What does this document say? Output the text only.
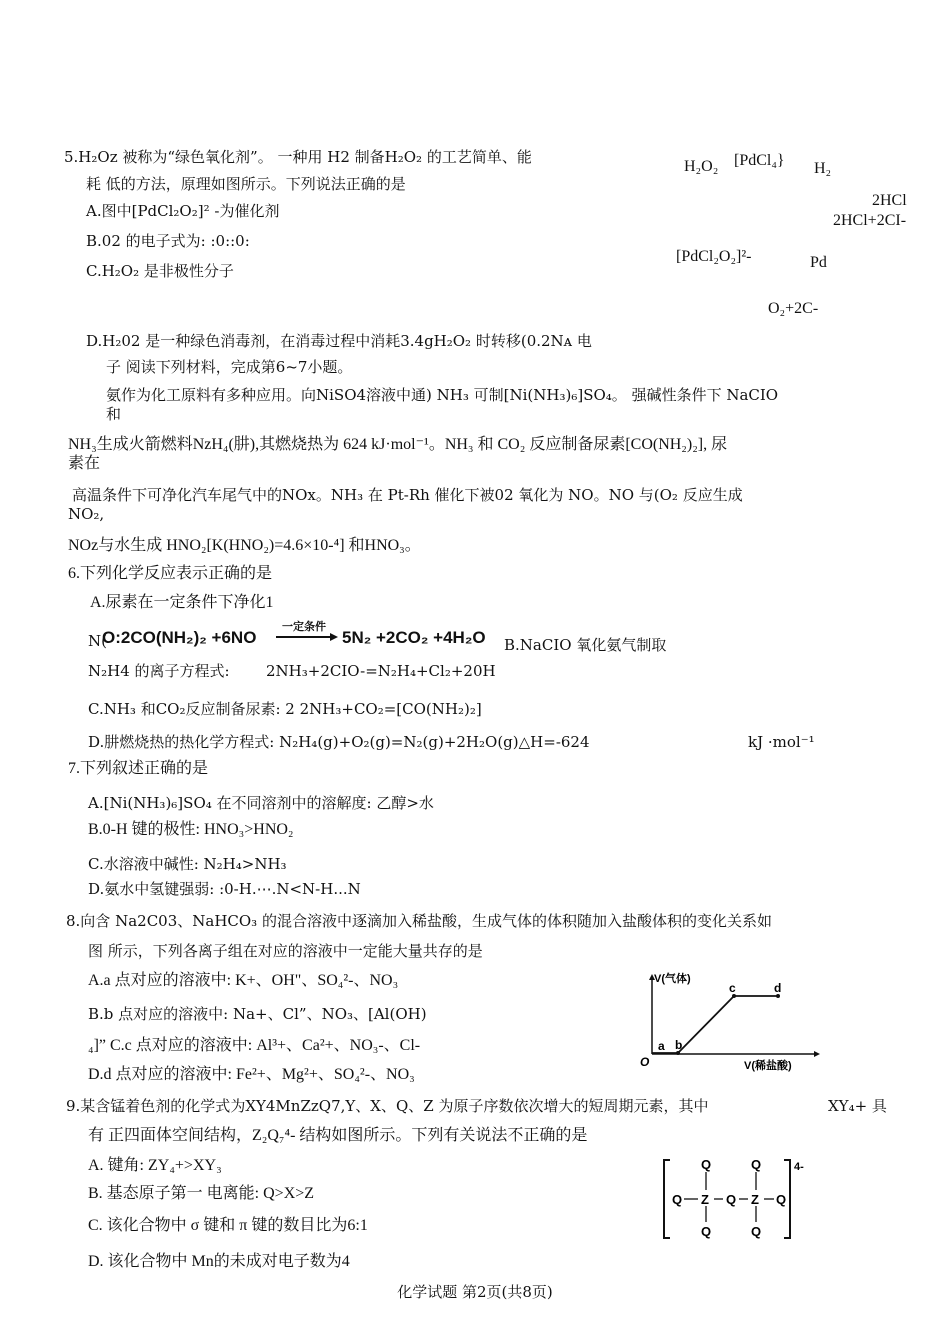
5.H₂Oz 被称为“绿色氧化剂”。 一种用 H2 制备H₂O₂ 的工艺简单、能
耗 低的方法，原理如图所示。下列说法正确的是
A.图中[PdCl₂O₂]² -为催化剂
B.02 的电子式为: :0::0:
C.H₂O₂ 是非极性分子
H₂O₂ [PdCl₄} H₂
2HCl
2HCl+2CI-
[PdCl₂O₂]²-	Pd
O₂+2C-
D.H₂02 是一种绿色消毒剂，在消毒过程中消耗3.4gH₂O₂ 时转移(0.2Nᴀ 电
子 阅读下列材料，完成第6~7小题。
氨作为化工原料有多种应用。向NiSO4溶液中通) NH₃ 可制[Ni(NH₃)₆]SO₄。 强碱性条件下 NaCIO
和
NH₃生成火箭燃料NzH₄(肼),其燃烧热为 624 kJ·mol⁻¹。NH₃ 和 CO₂ 反应制备尿素[CO(NH₂)₂], 尿
素在
高温条件下可净化汽车尾气中的NOx。NH₃ 在 Pt-Rh 催化下被02 氧化为 NO。NO 与(O₂ 反应生成
NO₂,
NOz与水生成 HNO₂[K(HNO₂)=4.6×10-⁴] 和HNO₃。
6.下列化学反应表示正确的是
A.尿素在一定条件下净化1
N(
O:2CO(NH₂)₂ +6NO
一定条件
→ 5N₂ +2CO₂ +4H₂O B.NaCIO 氧化氨气制取
N₂H4 的离子方程式: 2NH₃+2CIO-=N₂H₄+Cl₂+20H
C.NH₃ 和CO₂反应制备尿素: 2 2NH₃+CO₂=[CO(NH₂)₂]
D.肼燃烧热的热化学方程式: N₂H₄(g)+O₂(g)=N₂(g)+2H₂O(g)△H=-624	kJ ·mol⁻¹
7.下列叙述正确的是
A.[Ni(NH₃)₆]SO₄ 在不同溶剂中的溶解度: 乙醇>水
B.0-H 键的极性: HNO₃>HNO₂
C.水溶液中碱性: N₂H₄>NH₃
D.氨水中氢键强弱: :0-H.⋯.N<N-H...N
8.向含 Na2C03、NaHCO₃ 的混合溶液中逐滴加入稀盐酸，生成气体的体积随加入盐酸体积的变化关系如
图 所示，下列各离子组在对应的溶液中一定能大量共存的是
A.a 点对应的溶液中: K+、OH"、SO₄²-、NO₃
B.b 点对应的溶液中: Na+、Cl”、NO₃、[Al(OH)
₄]” C.c 点对应的溶液中: Al³+、Ca²+、NO₃-、Cl-
D.d 点对应的溶液中: Fe²+、Mg²+、SO₄²-、NO₃
V(气体)
V(稀盐酸)
O
a b
c	d
9.某含锰着色剂的化学式为XY4MnZzQ7,Y、X、Q、Z 为原子序数依次增大的短周期元素，其中	XY₄+ 具
有 正四面体空间结构，Z₂Q₇⁴- 结构如图所示。下列有关说法不正确的是
A. 键角: ZY₄+>XY₃
B. 基态原子第一 电离能: Q>X>Z
C. 该化合物中 σ 键和 π 键的数目比为6:1
D. 该化合物中 Mn的未成对电子数为4
Q	Q
Q Z Q Z Q
Q	Q
4-
化学试题 第2页(共8页)
